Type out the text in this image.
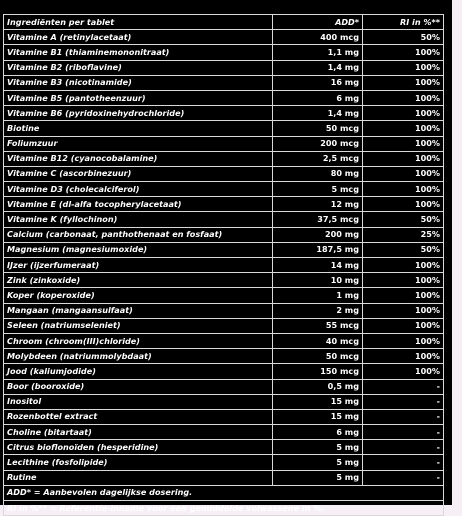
Ingrediënten per tablet	ADD*	RI in %**
Vitamine A (retinylacetaat)	400 mcg	50%
Vitamine B1 (thiaminemononitraat)	1,1 mg	100%
Vitamine B2 (riboflavine)	1,4 mg	100%
Vitamine B3 (nicotinamide)	16 mg	100%
Vitamine B5 (pantotheenzuur)	6 mg	100%
Vitamine B6 (pyridoxinehydrochloride)	1,4 mg	100%
Biotine	50 mcg	100%
Foliumzuur	200 mcg	100%
Vitamine B12 (cyanocobalamine)	2,5 mcg	100%
Vitamine C (ascorbinezuur)	80 mg	100%
Vitamine D3 (cholecalciferol)	5 mcg	100%
Vitamine E (dl-alfa tocopherylacetaat)	12 mg	100%
Vitamine K (fyllochinon)	37,5 mcg	50%
Calcium (carbonaat, panthothenaat en fosfaat)	200 mg	25%
Magnesium (magnesiumoxide)	187,5 mg	50%
IJzer (ijzerfumeraat)	14 mg	100%
Zink (zinkoxide)	10 mg	100%
Koper (koperoxide)	1 mg	100%
Mangaan (mangaansulfaat)	2 mg	100%
Seleen (natriumseleniet)	55 mcg	100%
Chroom (chroom(III)chloride)	40 mcg	100%
Molybdeen (natriummolybdaat)	50 mcg	100%
Jood (kaliumjodide)	150 mcg	100%
Boor (booroxide)	0,5 mg	-
Inositol	15 mg	-
Rozenbottel extract	15 mg	-
Choline (bitartaat)	6 mg	-
Citrus bioflonoïden (hesperidine)	5 mg	-
Lecithine (fosfolipide)	5 mg	-
Rutine	5 mg	-
ADD* = Aanbevolen dagelijkse dosering.		
RI in %** = Referentie-inname voor een gemiddelde volwassene in %.		
